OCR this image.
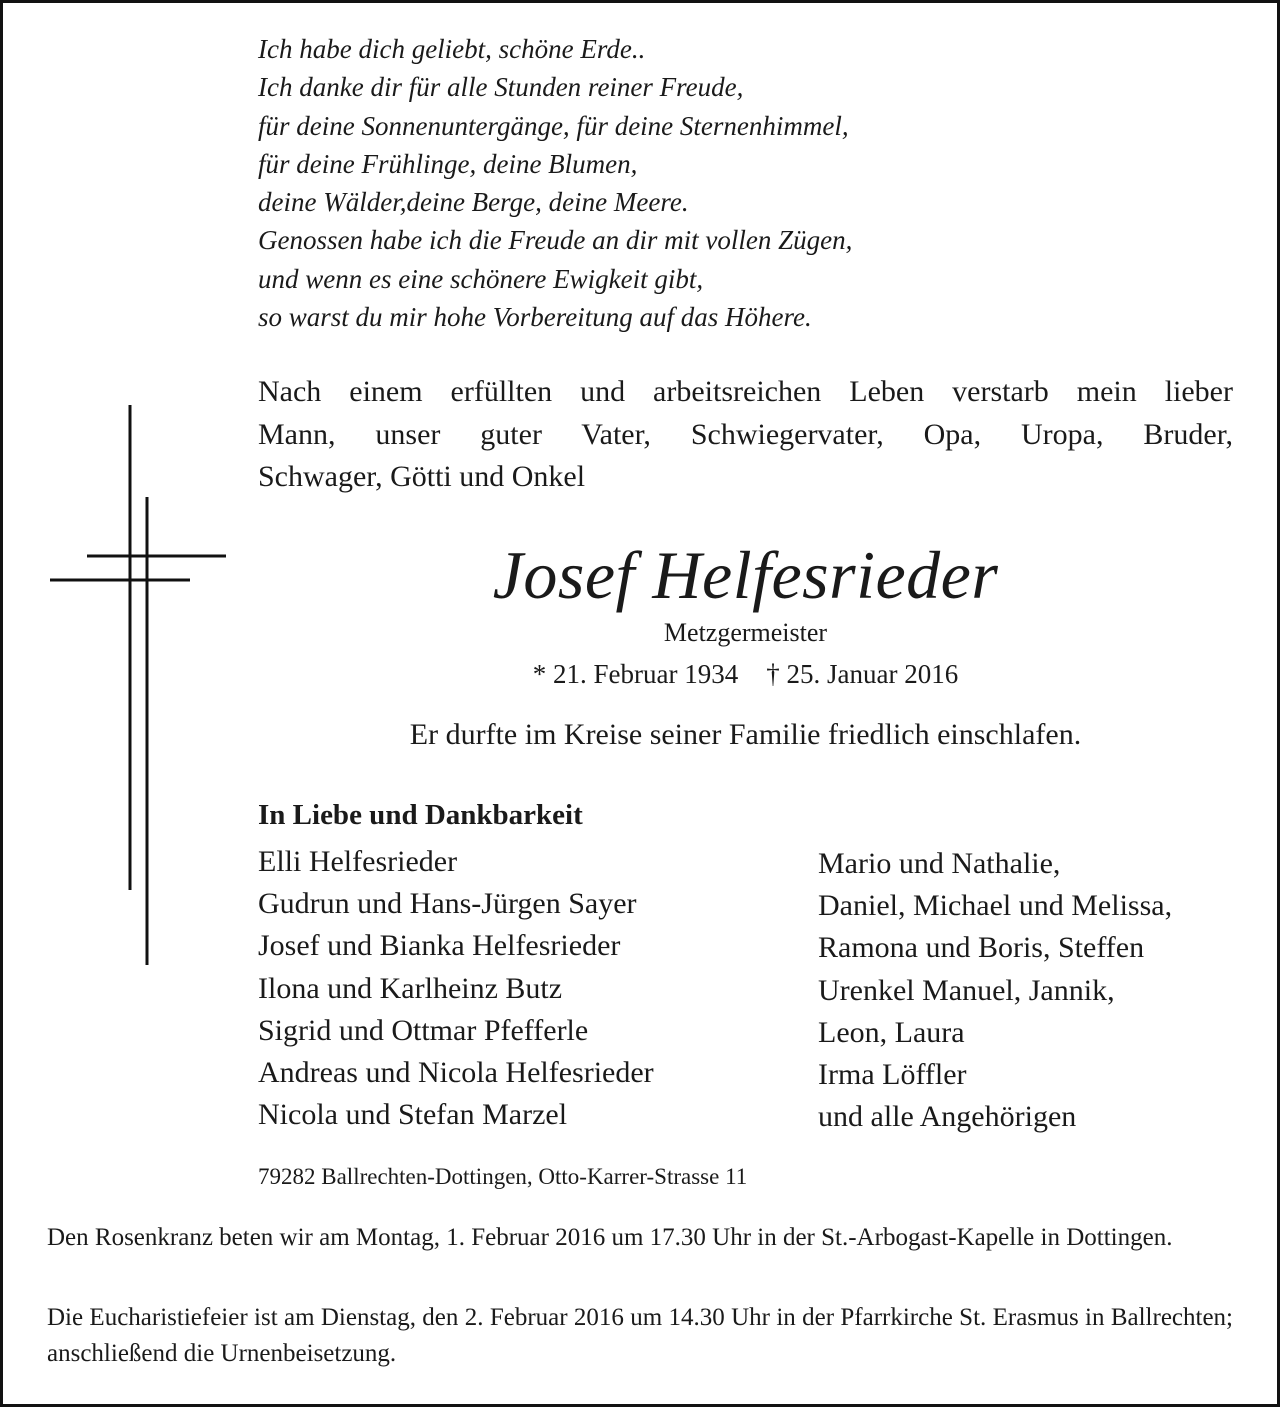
Ich habe dich geliebt, schöne Erde..
Ich danke dir für alle Stunden reiner Freude,
für deine Sonnenuntergänge, für deine Sternenhimmel,
für deine Frühlinge, deine Blumen,
deine Wälder,deine Berge, deine Meere.
Genossen habe ich die Freude an dir mit vollen Zügen,
und wenn es eine schönere Ewigkeit gibt,
so warst du mir hohe Vorbereitung auf das Höhere.
Nach einem erfüllten und arbeitsreichen Leben verstarb mein lieber
Mann, unser guter Vater, Schwiegervater, Opa, Uropa, Bruder,
Schwager, Götti und Onkel
Josef Helfesrieder
Metzgermeister
* 21. Februar 1934 † 25. Januar 2016
Er durfte im Kreise seiner Familie friedlich einschlafen.
In Liebe und Dankbarkeit
Elli Helfesrieder
Gudrun und Hans-Jürgen Sayer
Josef und Bianka Helfesrieder
Ilona und Karlheinz Butz
Sigrid und Ottmar Pfefferle
Andreas und Nicola Helfesrieder
Nicola und Stefan Marzel
Mario und Nathalie,
Daniel, Michael und Melissa,
Ramona und Boris, Steffen
Urenkel Manuel, Jannik,
Leon, Laura
Irma Löffler
und alle Angehörigen
79282 Ballrechten-Dottingen, Otto-Karrer-Strasse 11
Den Rosenkranz beten wir am Montag, 1. Februar 2016 um 17.30 Uhr in der St.-Arbogast-Kapelle in Dottingen.
Die Eucharistiefeier ist am Dienstag, den 2. Februar 2016 um 14.30 Uhr in der Pfarrkirche St. Erasmus in Ballrechten; anschließend die Urnenbeisetzung.
